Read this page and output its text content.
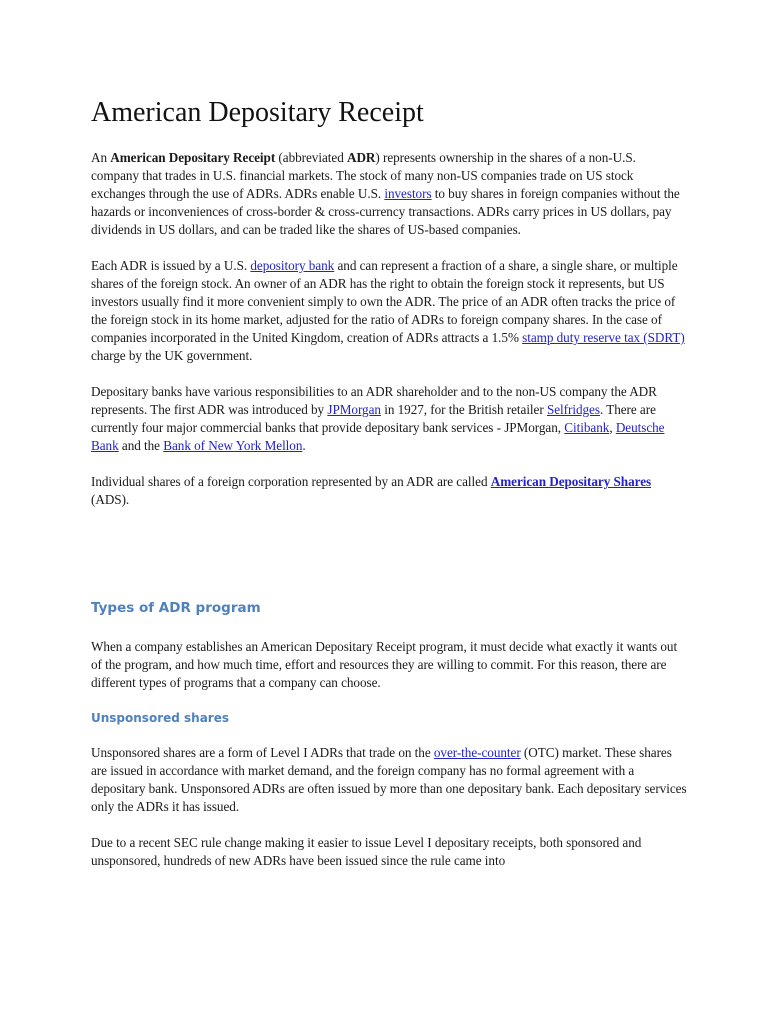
American Depositary Receipt

An American Depositary Receipt (abbreviated ADR) represents ownership in the shares of a non-U.S. company that trades in U.S. financial markets. The stock of many non-US companies trade on US stock exchanges through the use of ADRs. ADRs enable U.S. investors to buy shares in foreign companies without the hazards or inconveniences of cross-border & cross-currency transactions. ADRs carry prices in US dollars, pay dividends in US dollars, and can be traded like the shares of US-based companies.

Each ADR is issued by a U.S. depository bank and can represent a fraction of a share, a single share, or multiple shares of the foreign stock. An owner of an ADR has the right to obtain the foreign stock it represents, but US investors usually find it more convenient simply to own the ADR. The price of an ADR often tracks the price of the foreign stock in its home market, adjusted for the ratio of ADRs to foreign company shares. In the case of companies incorporated in the United Kingdom, creation of ADRs attracts a 1.5% stamp duty reserve tax (SDRT) charge by the UK government.

Depositary banks have various responsibilities to an ADR shareholder and to the non-US company the ADR represents. The first ADR was introduced by JPMorgan in 1927, for the British retailer Selfridges. There are currently four major commercial banks that provide depositary bank services - JPMorgan, Citibank, Deutsche Bank and the Bank of New York Mellon.

Individual shares of a foreign corporation represented by an ADR are called American Depositary Shares (ADS).

Types of ADR program

When a company establishes an American Depositary Receipt program, it must decide what exactly it wants out of the program, and how much time, effort and resources they are willing to commit. For this reason, there are different types of programs that a company can choose.

Unsponsored shares

Unsponsored shares are a form of Level I ADRs that trade on the over-the-counter (OTC) market. These shares are issued in accordance with market demand, and the foreign company has no formal agreement with a depositary bank. Unsponsored ADRs are often issued by more than one depositary bank. Each depositary services only the ADRs it has issued.

Due to a recent SEC rule change making it easier to issue Level I depositary receipts, both sponsored and unsponsored, hundreds of new ADRs have been issued since the rule came into
